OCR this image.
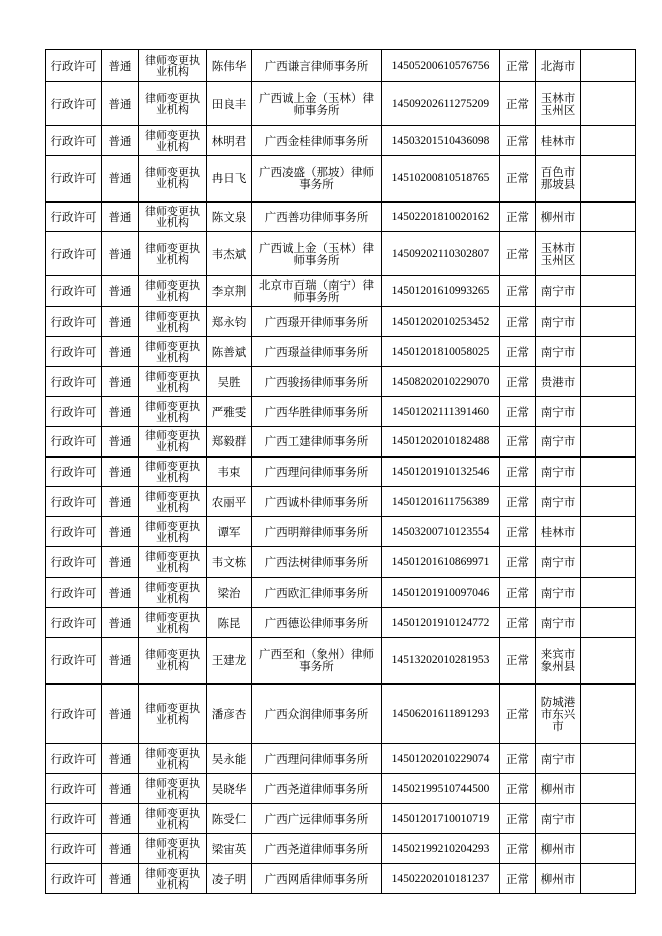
行政许可	普通	律师变更执业机构	陈伟华	广西谦言律师事务所	14505200610576756	正常	北海市	
行政许可	普通	律师变更执业机构	田良丰	广西诚上金（玉林）律师事务所	14509202611275209	正常	玉林市玉州区	
行政许可	普通	律师变更执业机构	林明君	广西金桂律师事务所	14503201510436098	正常	桂林市	
行政许可	普通	律师变更执业机构	冉日飞	广西凌盛（那坡）律师事务所	14510200810518765	正常	百色市那坡县	
行政许可	普通	律师变更执业机构	陈文泉	广西善功律师事务所	14502201810020162	正常	柳州市	
行政许可	普通	律师变更执业机构	韦杰斌	广西诚上金（玉林）律师事务所	14509202110302807	正常	玉林市玉州区	
行政许可	普通	律师变更执业机构	李京荆	北京市百瑞（南宁）律师事务所	14501201610993265	正常	南宁市	
行政许可	普通	律师变更执业机构	郑永钧	广西璟开律师事务所	14501202010253452	正常	南宁市	
行政许可	普通	律师变更执业机构	陈善斌	广西璟益律师事务所	14501201810058025	正常	南宁市	
行政许可	普通	律师变更执业机构	吴胜	广西骏扬律师事务所	14508202010229070	正常	贵港市	
行政许可	普通	律师变更执业机构	严雅雯	广西华胜律师事务所	14501202111391460	正常	南宁市	
行政许可	普通	律师变更执业机构	郑毅群	广西工建律师事务所	14501202010182488	正常	南宁市	
行政许可	普通	律师变更执业机构	韦束	广西理问律师事务所	14501201910132546	正常	南宁市	
行政许可	普通	律师变更执业机构	农丽平	广西诚朴律师事务所	14501201611756389	正常	南宁市	
行政许可	普通	律师变更执业机构	谭军	广西明辩律师事务所	14503200710123554	正常	桂林市	
行政许可	普通	律师变更执业机构	韦文栋	广西法树律师事务所	14501201610869971	正常	南宁市	
行政许可	普通	律师变更执业机构	梁治	广西欧汇律师事务所	14501201910097046	正常	南宁市	
行政许可	普通	律师变更执业机构	陈昆	广西德讼律师事务所	14501201910124772	正常	南宁市	
行政许可	普通	律师变更执业机构	王建龙	广西至和（象州）律师事务所	14513202010281953	正常	来宾市象州县	
行政许可	普通	律师变更执业机构	潘彦杏	广西众润律师事务所	14506201611891293	正常	防城港市东兴市	
行政许可	普通	律师变更执业机构	吴永能	广西理问律师事务所	14501202010229074	正常	南宁市	
行政许可	普通	律师变更执业机构	吴晓华	广西尧道律师事务所	14502199510744500	正常	柳州市	
行政许可	普通	律师变更执业机构	陈受仁	广西广远律师事务所	14501201710010719	正常	南宁市	
行政许可	普通	律师变更执业机构	梁宙英	广西尧道律师事务所	14502199210204293	正常	柳州市	
行政许可	普通	律师变更执业机构	凌子明	广西网盾律师事务所	14502202010181237	正常	柳州市	
